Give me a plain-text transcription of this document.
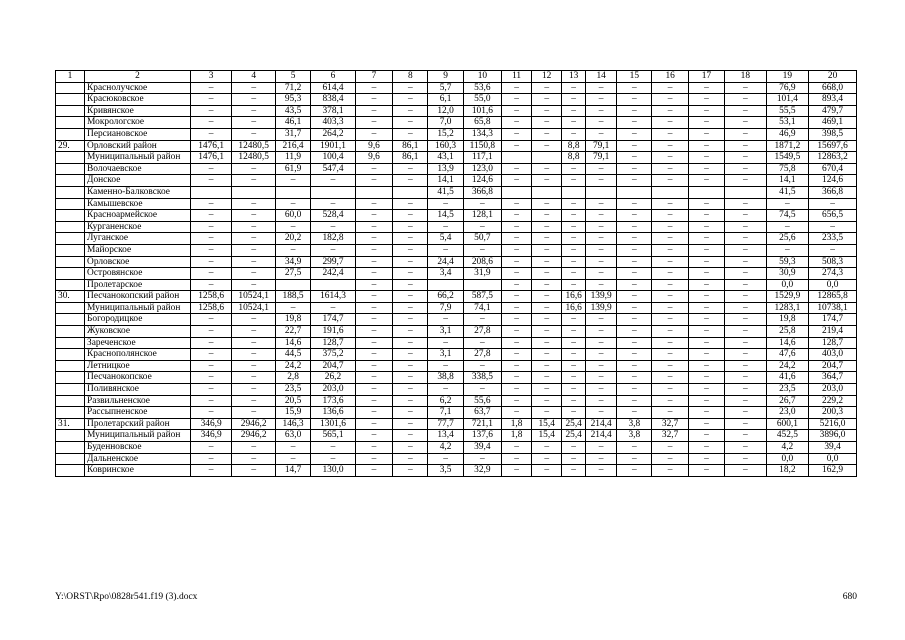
1	2	3	4	5	6	7	8	9	10	11	12	13	14	15	16	17	18	19	20
	Краснолучское	–	–	71,2	614,4	–	–	5,7	53,6	–	–	–	–	–	–	–	–	76,9	668,0
	Красюковское	–	–	95,3	838,4	–	–	6,1	55,0	–	–	–	–	–	–	–	–	101,4	893,4
	Кривянское	–	–	43,5	378,1	–	–	12,0	101,6	–	–	–	–	–	–	–	–	55,5	479,7
	Мокрологское	–	–	46,1	403,3	–	–	7,0	65,8	–	–	–	–	–	–	–	–	53,1	469,1
	Персиановское	–	–	31,7	264,2	–	–	15,2	134,3	–	–	–	–	–	–	–	–	46,9	398,5
29.	Орловский район	1476,1	12480,5	216,4	1901,1	9,6	86,1	160,3	1150,8	–	–	8,8	79,1	–	–	–	–	1871,2	15697,6
	Муниципальный район	1476,1	12480,5	11,9	100,4	9,6	86,1	43,1	117,1			8,8	79,1	–	–	–	–	1549,5	12863,2
	Волочаевское	–	–	61,9	547,4	–	–	13,9	123,0	–	–	–	–	–	–	–	–	75,8	670,4
	Донское	–	–	–	–	–	–	14,1	124,6	–	–	–	–	–	–	–	–	14,1	124,6
	Каменно-Балковское							41,5	366,8									41,5	366,8
	Камышевское	–	–	–	–	–	–	–	–	–	–	–	–	–	–	–	–	–	–
	Красноармейское	–	–	60,0	528,4	–	–	14,5	128,1	–	–	–	–	–	–	–	–	74,5	656,5
	Курганенское	–	–	–	–	–	–	–	–	–	–	–	–	–	–	–	–	–	–
	Луганское	–	–	20,2	182,8	–	–	5,4	50,7	–	–	–	–	–	–	–	–	25,6	233,5
	Майорское	–	–	–	–	–	–	–	–	–	–	–	–	–	–	–	–	–	–
	Орловское	–	–	34,9	299,7	–	–	24,4	208,6	–	–	–	–	–	–	–	–	59,3	508,3
	Островянское	–	–	27,5	242,4	–	–	3,4	31,9	–	–	–	–	–	–	–	–	30,9	274,3
	Пролетарское	–	–			–	–			–	–	–	–	–	–	–	–	0,0	0,0
30.	Песчанокопский район	1258,6	10524,1	188,5	1614,3	–	–	66,2	587,5	–	–	16,6	139,9	–	–	–	–	1529,9	12865,8
	Муниципальный район	1258,6	10524,1	–	–	–	–	7,9	74,1	–	–	16,6	139,9	–	–	–	–	1283,1	10738,1
	Богородицкое	–	–	19,8	174,7	–	–	–	–	–	–	–	–	–	–	–	–	19,8	174,7
	Жуковское	–	–	22,7	191,6	–	–	3,1	27,8	–	–	–	–	–	–	–	–	25,8	219,4
	Зареченское	–	–	14,6	128,7	–	–	–	–	–	–	–	–	–	–	–	–	14,6	128,7
	Краснополянское	–	–	44,5	375,2	–	–	3,1	27,8	–	–	–	–	–	–	–	–	47,6	403,0
	Летницкое	–	–	24,2	204,7	–	–	–	–	–	–	–	–	–	–	–	–	24,2	204,7
	Песчанокопское	–	–	2,8	26,2	–	–	38,8	338,5	–	–	–	–	–	–	–	–	41,6	364,7
	Поливянское	–	–	23,5	203,0	–	–	–	–	–	–	–	–	–	–	–	–	23,5	203,0
	Развильненское	–	–	20,5	173,6	–	–	6,2	55,6	–	–	–	–	–	–	–	–	26,7	229,2
	Рассыпненское	–	–	15,9	136,6	–	–	7,1	63,7	–	–	–	–	–	–	–	–	23,0	200,3
31.	Пролетарский район	346,9	2946,2	146,3	1301,6	–	–	77,7	721,1	1,8	15,4	25,4	214,4	3,8	32,7	–	–	600,1	5216,0
	Муниципальный район	346,9	2946,2	63,0	565,1	–	–	13,4	137,6	1,8	15,4	25,4	214,4	3,8	32,7	–	–	452,5	3896,0
	Буденновское	–	–	–	–	–	–	4,2	39,4	–	–	–	–	–	–	–	–	4,2	39,4
	Дальненское	–	–	–	–	–	–	–	–	–	–	–	–	–	–	–	–	0,0	0,0
	Ковринское	–	–	14,7	130,0	–	–	3,5	32,9	–	–	–	–	–	–	–	–	18,2	162,9
Y:\ORST\Rpo\0828r541.f19 (3).docx	680
